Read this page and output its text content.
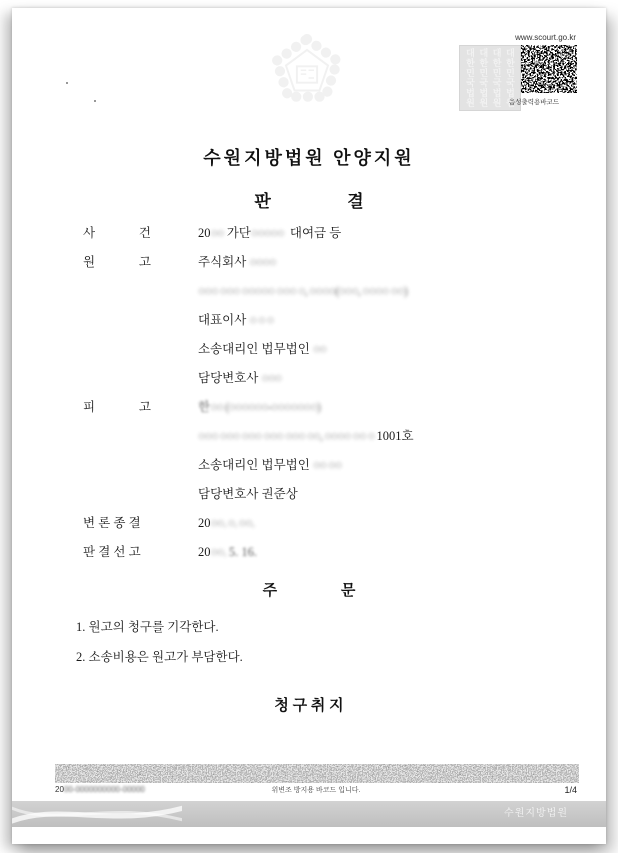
www.scourt.go.kr
대한민국법원 대한민국법원 대한민국법원 대한민국법원
음성출력용바코드
수원지방법원 안양지원
판                  결
사              건	20○○ 가단○○○○○  대여금 등
원              고	주식회사 ○○○○
○○○ ○○○ ○○○○○ ○○○ ○, ○○○○(○○○, ○○○○ ○○)
대표이사 ○ ○ ○
소송대리인 법무법인 ○○
담당변호사 ○○○
피              고	한○○ (○○○○○○-○○○○○○○)
○○○ ○○○ ○○○ ○○○ ○○○ ○○, ○○○○ ○○ ○ 1001호
소송대리인 법무법인 ○○ ○○
담당변호사 권준상
변 론 종 결	20○○. ○. ○○.
판 결 선 고	20○○. 5. 16.
주                 문
1. 원고의 청구를 기각한다.
2. 소송비용은 원고가 부담한다.
청 구 취 지
2000-0000000000-00000	위변조 방지용 바코드 입니다.	1/4
수원지방법원
